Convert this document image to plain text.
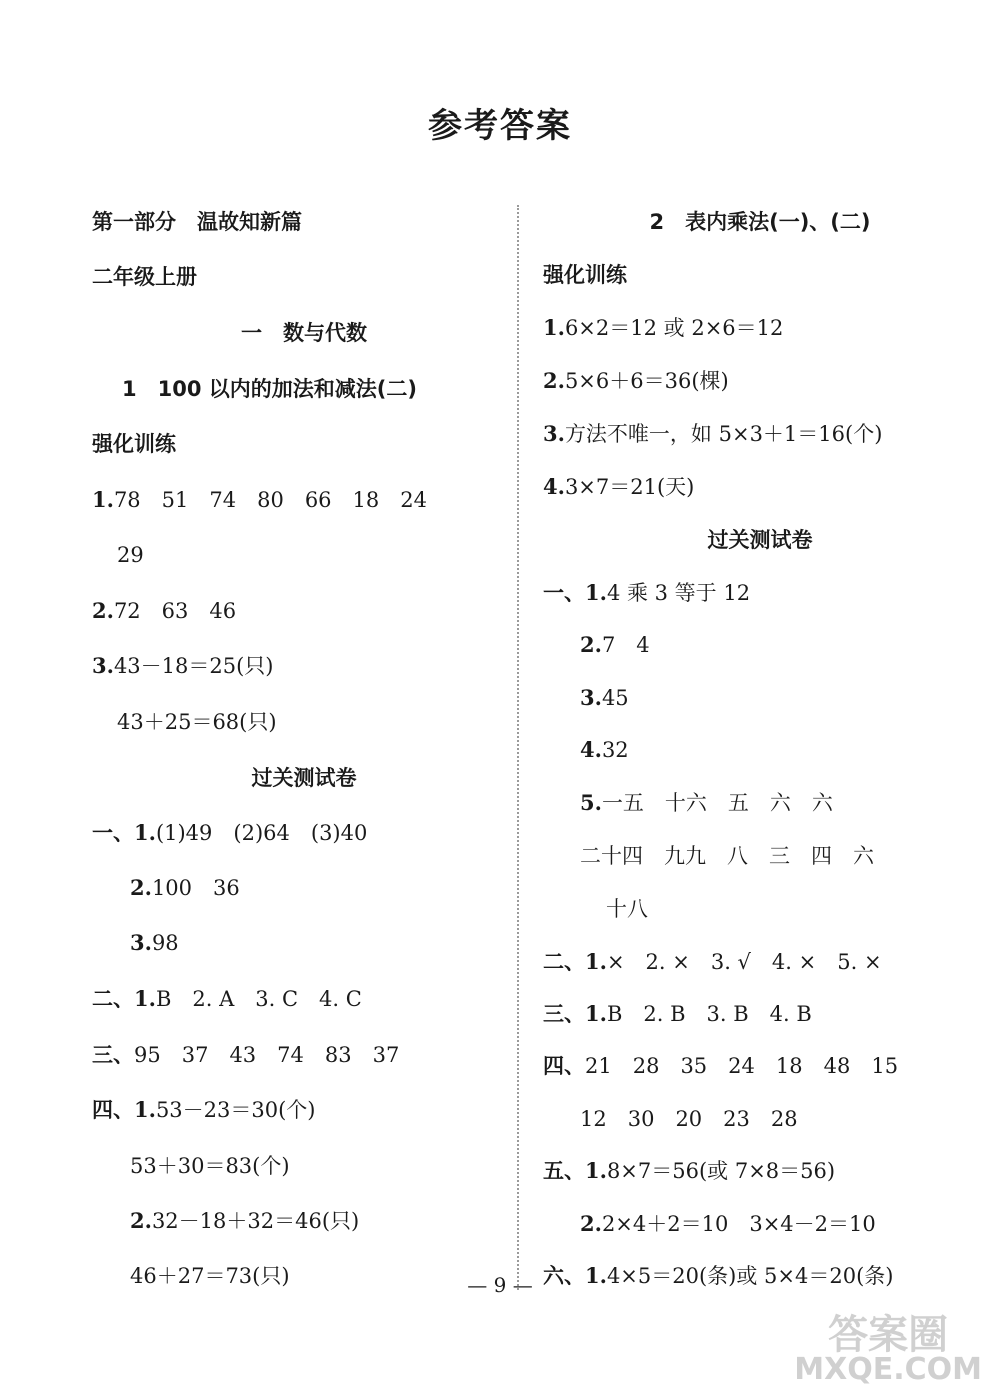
参考答案
第一部分　温故知新篇
二年级上册
一　数与代数
1　100 以内的加法和减法(二)
强化训练
1.78　51　74　80　66　18　24
29
2.72　63　46
3.43－18＝25(只)
43＋25＝68(只)
过关测试卷
一、1.(1)49　(2)64　(3)40
2.100　36
3.98
二、1.B　2. A　3. C　4. C
三、95　37　43　74　83　37
四、1.53－23＝30(个)
53＋30＝83(个)
2.32－18＋32＝46(只)
46＋27＝73(只)
2　表内乘法(一)、(二)
强化训练
1.6×2＝12 或 2×6＝12
2.5×6＋6＝36(棵)
3.方法不唯一，如 5×3＋1＝16(个)
4.3×7＝21(天)
过关测试卷
一、1.4 乘 3 等于 12
2.7　4
3.45
4.32
5.一五　十六　五　六　六
二十四　九九　八　三　四　六
十八
二、1.×　2. ×　3. √　4. ×　5. ×
三、1.B　2. B　3. B　4. B
四、21　28　35　24　18　48　15
12　30　20　23　28
五、1.8×7＝56(或 7×8＝56)
2.2×4＋2＝10　3×4－2＝10
六、1.4×5＝20(条)或 5×4＝20(条)
— 9 —
答案圈
MXQE.COM
